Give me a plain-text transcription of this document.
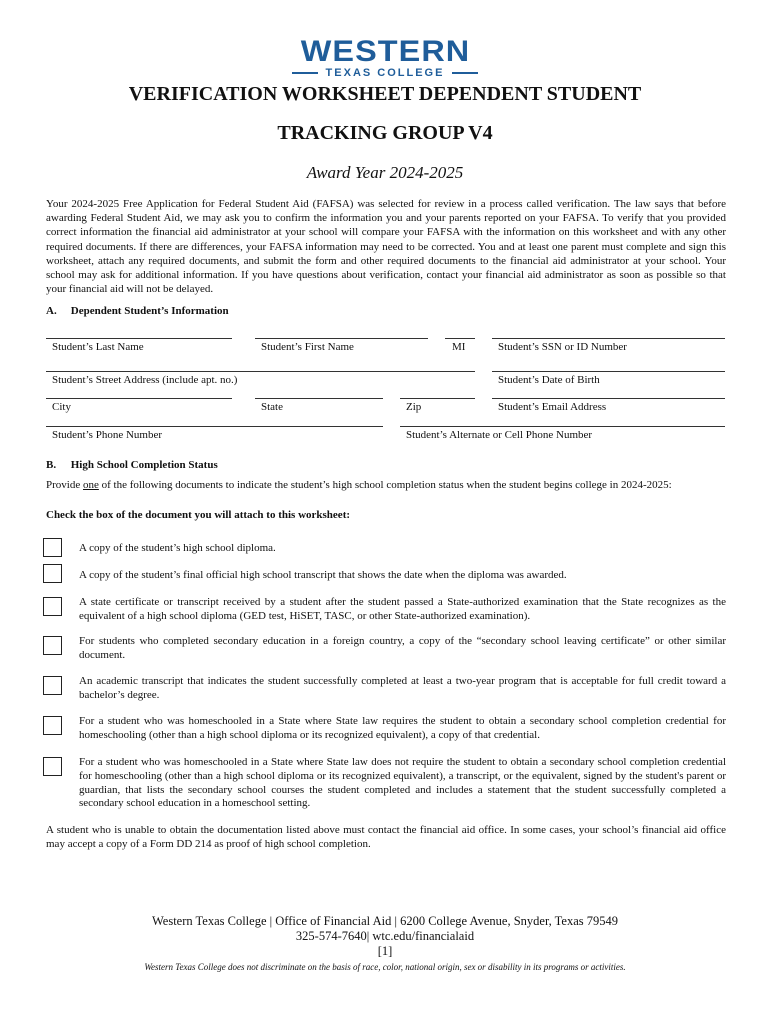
WESTERN
TEXAS COLLEGE
VERIFICATION WORKSHEET DEPENDENT STUDENT
TRACKING GROUP V4
Award Year 2024-2025
Your 2024-2025 Free Application for Federal Student Aid (FAFSA) was selected for review in a process called verification. The law says that before awarding Federal Student Aid, we may ask you to confirm the information you and your parents reported on your FAFSA. To verify that you provided correct information the financial aid administrator at your school will compare your FAFSA with the information on this worksheet and with any other required documents. If there are differences, your FAFSA information may need to be corrected. You and at least one parent must complete and sign this worksheet, attach any required documents, and submit the form and other required documents to the financial aid administrator at your school. Your school may ask for additional information. If you have questions about verification, contact your financial aid administrator as soon as possible so that your financial aid will not be delayed.
A. Dependent Student’s Information
Student’s Last Name	Student’s First Name	MI	Student’s SSN or ID Number
Student’s Street Address (include apt. no.)	Student’s Date of Birth
City	State	Zip	Student’s Email Address
Student’s Phone Number	Student’s Alternate or Cell Phone Number
B. High School Completion Status
Provide one of the following documents to indicate the student’s high school completion status when the student begins college in 2024-2025:
Check the box of the document you will attach to this worksheet:
A copy of the student’s high school diploma.
A copy of the student’s final official high school transcript that shows the date when the diploma was awarded.
A state certificate or transcript received by a student after the student passed a State-authorized examination that the State recognizes as the equivalent of a high school diploma (GED test, HiSET, TASC, or other State-authorized examination).
For students who completed secondary education in a foreign country, a copy of the “secondary school leaving certificate” or other similar document.
An academic transcript that indicates the student successfully completed at least a two-year program that is acceptable for full credit toward a bachelor’s degree.
For a student who was homeschooled in a State where State law requires the student to obtain a secondary school completion credential for homeschooling (other than a high school diploma or its recognized equivalent), a copy of that credential.
For a student who was homeschooled in a State where State law does not require the student to obtain a secondary school completion credential for homeschooling (other than a high school diploma or its recognized equivalent), a transcript, or the equivalent, signed by the student's parent or guardian, that lists the secondary school courses the student completed and includes a statement that the student successfully completed a secondary school education in a homeschool setting.
A student who is unable to obtain the documentation listed above must contact the financial aid office. In some cases, your school’s financial aid office may accept a copy of a Form DD 214 as proof of high school completion.
Western Texas College | Office of Financial Aid | 6200 College Avenue, Snyder, Texas 79549
325-574-7640| wtc.edu/financialaid
[1]
Western Texas College does not discriminate on the basis of race, color, national origin, sex or disability in its programs or activities.
